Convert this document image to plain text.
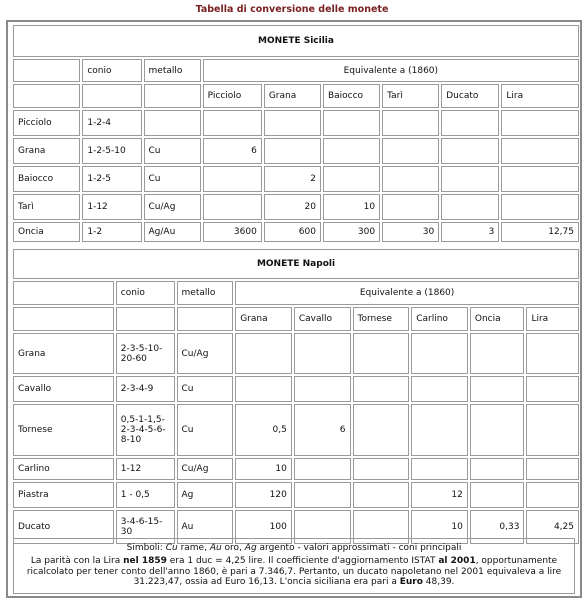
Tabella di conversione delle monete
MONETE Sicilia								
	conio	metallo	Equivalente a (1860)					
			Picciolo	Grana	Baiocco	Tarì	Ducato	Lira
Picciolo	1-2-4							
Grana	1-2-5-10	Cu	6					
Baiocco	1-2-5	Cu		2				
Tarì	1-12	Cu/Ag		20	10			
Oncia	1-2	Ag/Au	3600	600	300	30	3	12,75
MONETE Napoli								
	conio	metallo	Equivalente a (1860)					
			Grana	Cavallo	Tornese	Carlino	Oncia	Lira
Grana	2-3-5-10-20-60	Cu/Ag						
Cavallo	2-3-4-9	Cu						
Tornese	0,5-1-1,5-2-3-4-5-6-8-10	Cu	0,5	6				
Carlino	1-12	Cu/Ag	10					
Piastra	1 - 0,5	Ag	120			12		
Ducato	3-4-6-15-30	Au	100			10	0,33	4,25
Simboli: Cu rame, Au oro, Ag argento - valori approssimati - coni principali
La parità con la Lira nel 1859 era 1 duc = 4,25 lire. Il coefficiente d'aggiornamento ISTAT al 2001, opportunamente ricalcolato per tener conto dell'anno 1860, è pari a 7.346,7. Pertanto, un ducato napoletano nel 2001 equivaleva a lire 31.223,47, ossia ad Euro 16,13. L'oncia siciliana era pari a Euro 48,39.
